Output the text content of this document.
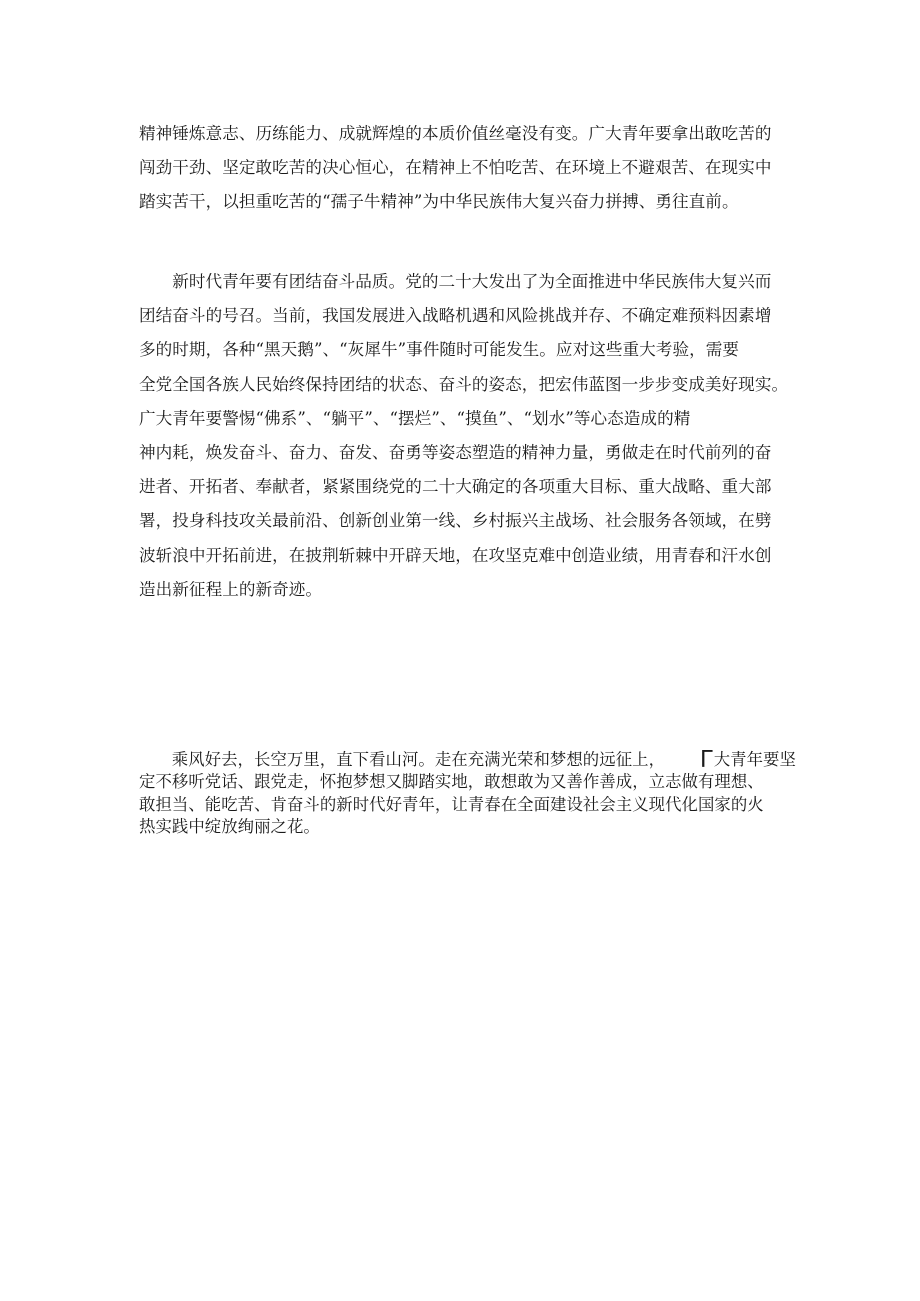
精神锤炼意志、历练能力、成就辉煌的本质价值丝毫没有变。广大青年要拿出敢吃苦的
闯劲干劲、坚定敢吃苦的决心恒心，在精神上不怕吃苦、在环境上不避艰苦、在现实中
踏实苦干，以担重吃苦的“孺子牛精神”为中华民族伟大复兴奋力拼搏、勇往直前。

新时代青年要有团结奋斗品质。党的二十大发出了为全面推进中华民族伟大复兴而
团结奋斗的号召。当前，我国发展进入战略机遇和风险挑战并存、不确定难预料因素增
多的时期，各种“黑天鹅”、“灰犀牛”事件随时可能发生。应对这些重大考验，需要
全党全国各族人民始终保持团结的状态、奋斗的姿态，把宏伟蓝图一步步变成美好现实。
广大青年要警惕“佛系”、“躺平”、“摆烂”、“摸鱼”、“划水”等心态造成的精
神内耗，焕发奋斗、奋力、奋发、奋勇等姿态塑造的精神力量，勇做走在时代前列的奋
进者、开拓者、奉献者，紧紧围绕党的二十大确定的各项重大目标、重大战略、重大部
署，投身科技攻关最前沿、创新创业第一线、乡村振兴主战场、社会服务各领域，在劈
波斩浪中开拓前进，在披荆斩棘中开辟天地，在攻坚克难中创造业绩，用青春和汗水创
造出新征程上的新奇迹。

乘风好去，长空万里，直下看山河。走在充满光荣和梦想的远征上， Γ大青年要坚
定不移听党话、跟党走，怀抱梦想又脚踏实地，敢想敢为又善作善成，立志做有理想、
敢担当、能吃苦、肯奋斗的新时代好青年，让青春在全面建设社会主义现代化国家的火
热实践中绽放绚丽之花。
